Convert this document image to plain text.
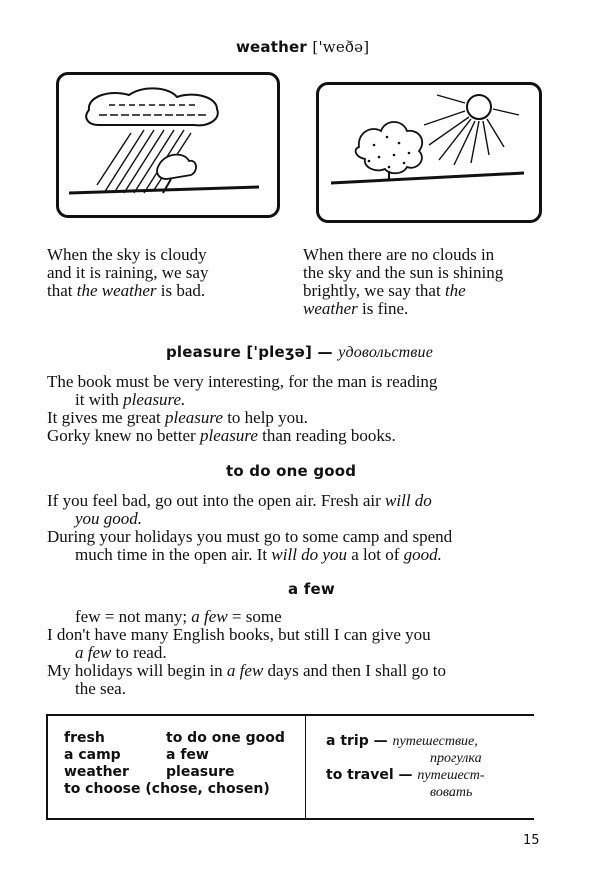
weather ['weðə]
When the sky is cloudy
and it is raining, we say
that the weather is bad.
When there are no clouds in
the sky and the sun is shining
brightly, we say that the
weather is fine.
pleasure ['pleʒə] — удовольствие
The book must be very interesting, for the man is reading
it with pleasure.
It gives me great pleasure to help you.
Gorky knew no better pleasure than reading books.
to do one good
If you feel bad, go out into the open air. Fresh air will do
you good.
During your holidays you must go to some camp and spend
much time in the open air. It will do you a lot of good.
a few
few = not many; a few = some
I don't have many English books, but still I can give you
a few to read.
My holidays will begin in a few days and then I shall go to
the sea.
fresh
a camp
weather
to choose (chose, chosen)
to do one good
a few
pleasure
a trip — путешествие,
прогулка
to travel — путешест-
вовать
15
